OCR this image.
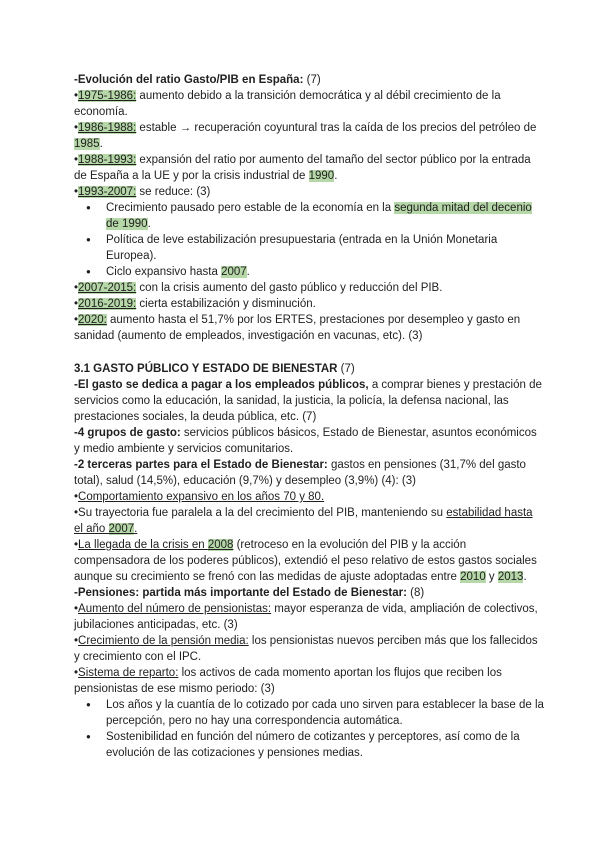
-Evolución del ratio Gasto/PIB en España: (7)

•1975-1986: aumento debido a la transición democrática y al débil crecimiento de la economía.

•1986-1988: estable → recuperación coyuntural tras la caída de los precios del petróleo de 1985.

•1988-1993: expansión del ratio por aumento del tamaño del sector público por la entrada de España a la UE y por la crisis industrial de 1990.

•1993-2007: se reduce: (3)

● Crecimiento pausado pero estable de la economía en la segunda mitad del decenio de 1990.
● Política de leve estabilización presupuestaria (entrada en la Unión Monetaria Europea).
● Ciclo expansivo hasta 2007.

•2007-2015: con la crisis aumento del gasto público y reducción del PIB.

•2016-2019: cierta estabilización y disminución.

•2020: aumento hasta el 51,7% por los ERTES, prestaciones por desempleo y gasto en sanidad (aumento de empleados, investigación en vacunas, etc). (3)

3.1 GASTO PÚBLICO Y ESTADO DE BIENESTAR (7)

-El gasto se dedica a pagar a los empleados públicos, a comprar bienes y prestación de servicios como la educación, la sanidad, la justicia, la policía, la defensa nacional, las prestaciones sociales, la deuda pública, etc. (7)

-4 grupos de gasto: servicios públicos básicos, Estado de Bienestar, asuntos económicos y medio ambiente y servicios comunitarios.

-2 terceras partes para el Estado de Bienestar: gastos en pensiones (31,7% del gasto total), salud (14,5%), educación (9,7%) y desempleo (3,9%) (4): (3)

•Comportamiento expansivo en los años 70 y 80.

•Su trayectoria fue paralela a la del crecimiento del PIB, manteniendo su estabilidad hasta el año 2007.

•La llegada de la crisis en 2008 (retroceso en la evolución del PIB y la acción compensadora de los poderes públicos), extendió el peso relativo de estos gastos sociales aunque su crecimiento se frenó con las medidas de ajuste adoptadas entre 2010 y 2013.

-Pensiones: partida más importante del Estado de Bienestar: (8)

•Aumento del número de pensionistas: mayor esperanza de vida, ampliación de colectivos, jubilaciones anticipadas, etc. (3)

•Crecimiento de la pensión media: los pensionistas nuevos perciben más que los fallecidos y crecimiento con el IPC.

•Sistema de reparto: los activos de cada momento aportan los flujos que reciben los pensionistas de ese mismo periodo: (3)

● Los años y la cuantía de lo cotizado por cada uno sirven para establecer la base de la percepción, pero no hay una correspondencia automática.
● Sostenibilidad en función del número de cotizantes y perceptores, así como de la evolución de las cotizaciones y pensiones medias.
